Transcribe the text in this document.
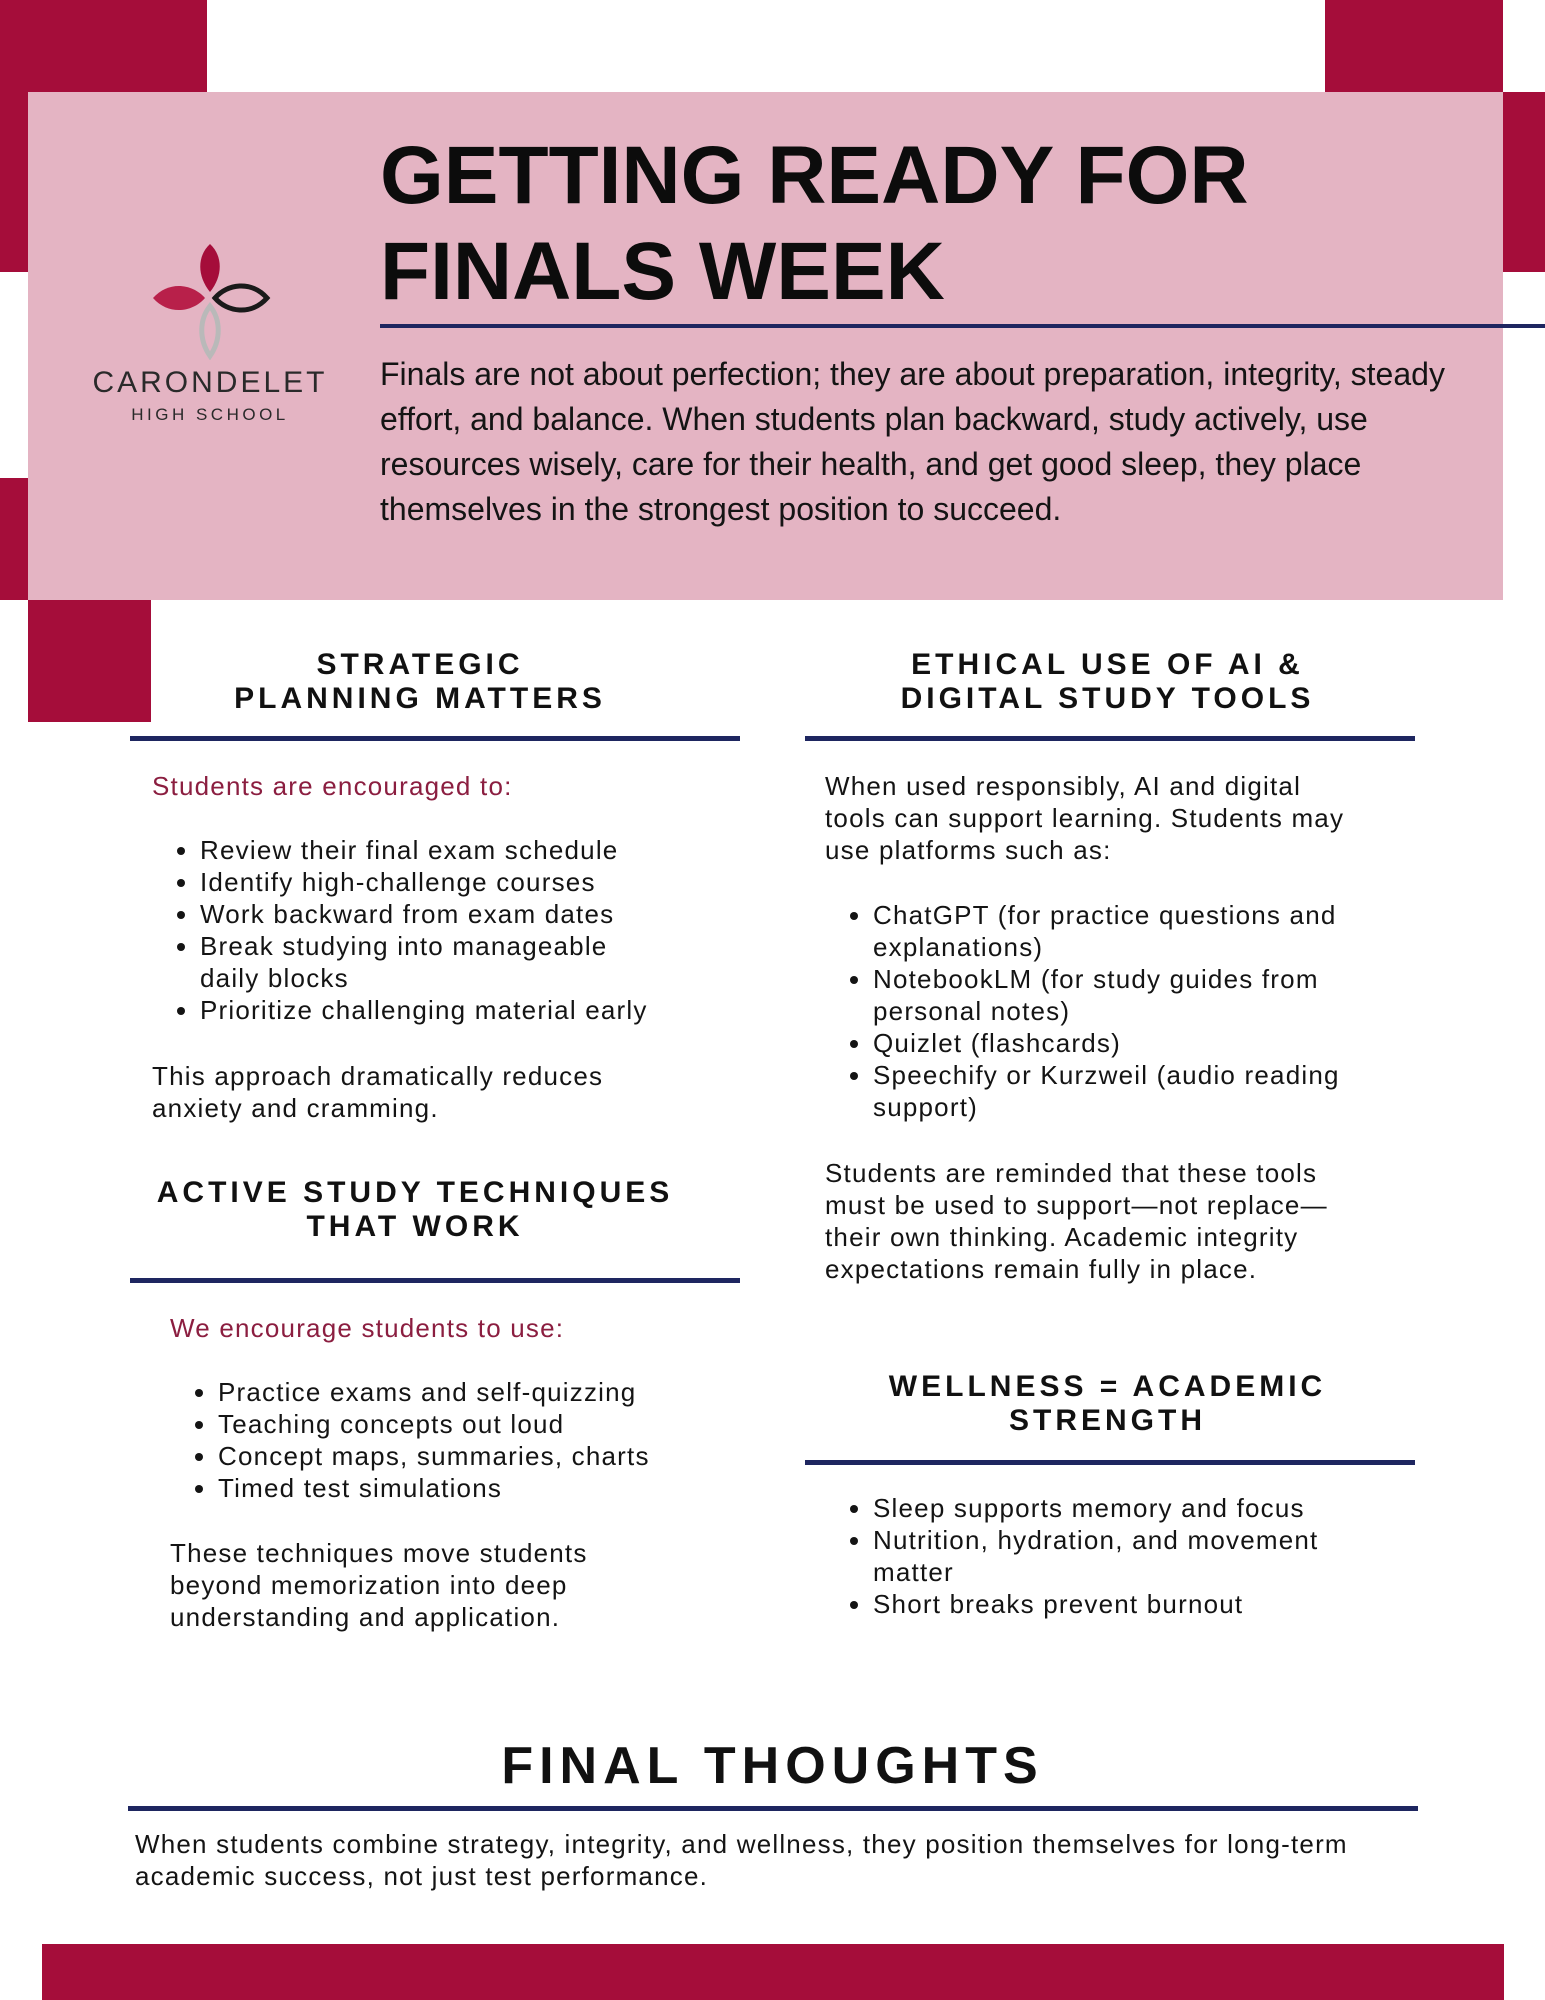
CARONDELET
HIGH SCHOOL
GETTING READY FOR
FINALS WEEK

Finals are not about perfection; they are about preparation, integrity, steady effort, and balance. When students plan backward, study actively, use resources wisely, care for their health, and get good sleep, they place themselves in the strongest position to succeed.

STRATEGIC
PLANNING MATTERS

Students are encouraged to:

• Review their final exam schedule
• Identify high-challenge courses
• Work backward from exam dates
• Break studying into manageable daily blocks
• Prioritize challenging material early

This approach dramatically reduces anxiety and cramming.

ACTIVE STUDY TECHNIQUES
THAT WORK

We encourage students to use:

• Practice exams and self-quizzing
• Teaching concepts out loud
• Concept maps, summaries, charts
• Timed test simulations

These techniques move students beyond memorization into deep understanding and application.

ETHICAL USE OF AI &
DIGITAL STUDY TOOLS

When used responsibly, AI and digital tools can support learning. Students may use platforms such as:

• ChatGPT (for practice questions and explanations)
• NotebookLM (for study guides from personal notes)
• Quizlet (flashcards)
• Speechify or Kurzweil (audio reading support)

Students are reminded that these tools must be used to support—not replace—their own thinking. Academic integrity expectations remain fully in place.

WELLNESS = ACADEMIC
STRENGTH
• Sleep supports memory and focus
• Nutrition, hydration, and movement matter
• Short breaks prevent burnout
FINAL THOUGHTS

When students combine strategy, integrity, and wellness, they position themselves for long-term academic success, not just test performance.
